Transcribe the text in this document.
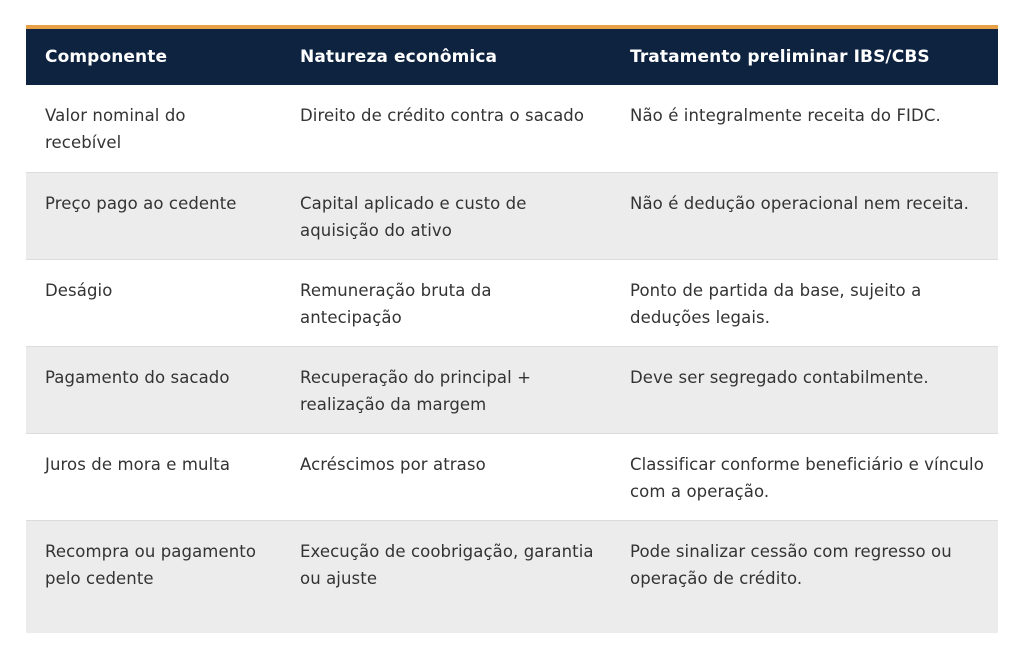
Componente	Natureza econômica	Tratamento preliminar IBS/CBS
Valor nominal do recebível	Direito de crédito contra o sacado	Não é integralmente receita do FIDC.
Preço pago ao cedente	Capital aplicado e custo de aquisição do ativo	Não é dedução operacional nem receita.
Deságio	Remuneração bruta da antecipação	Ponto de partida da base, sujeito a deduções legais.
Pagamento do sacado	Recuperação do principal + realização da margem	Deve ser segregado contabilmente.
Juros de mora e multa	Acréscimos por atraso	Classificar conforme beneficiário e vínculo com a operação.
Recompra ou pagamento pelo cedente	Execução de coobrigação, garantia ou ajuste	Pode sinalizar cessão com regresso ou operação de crédito.
